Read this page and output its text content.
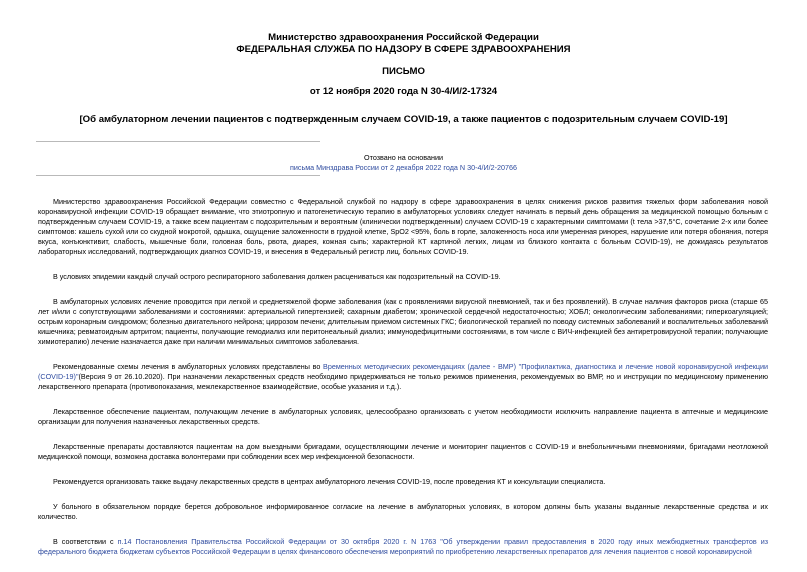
Министерство здравоохранения Российской Федерации
ФЕДЕРАЛЬНАЯ СЛУЖБА ПО НАДЗОРУ В СФЕРЕ ЗДРАВООХРАНЕНИЯ
ПИСЬМО
от 12 ноября 2020 года N 30-4/И/2-17324
[Об амбулаторном лечении пациентов с подтвержденным случаем COVID-19, а также пациентов с подозрительным случаем COVID-19]
Отозвано на основании
письма Минздрава России от 2 декабря 2022 года N 30-4/И/2-20766

Министерство здравоохранения Российской Федерации совместно с Федеральной службой по надзору в сфере здравоохранения в целях снижения рисков развития тяжелых форм заболевания новой коронавирусной инфекции COVID-19 обращает внимание, что этиотропную и патогенетическую терапию в амбулаторных условиях следует начинать в первый день обращения за медицинской помощью больным с подтвержденным случаем COVID-19, а также всем пациентам с подозрительным и вероятным (клинически подтвержденным) случаем COVID-19 с характерными симптомами (t тела >37,5°С, сочетание 2-х или более симптомов: кашель сухой или со скудной мокротой, одышка, ощущение заложенности в грудной клетке, SpO2 <95%, боль в горле, заложенность носа или умеренная ринорея, нарушение или потеря обоняния, потеря вкуса, конъюнктивит, слабость, мышечные боли, головная боль, рвота, диарея, кожная сыпь; характерной КТ картиной легких, лицам из близкого контакта с больным COVID-19), не дожидаясь результатов лабораторных исследований, подтверждающих диагноз COVID-19, и внесения в Федеральный регистр лиц, больных COVID-19.

В условиях эпидемии каждый случай острого респираторного заболевания должен расцениваться как подозрительный на COVID-19.

В амбулаторных условиях лечение проводится при легкой и среднетяжелой форме заболевания (как с проявлениями вирусной пневмонией, так и без проявлений). В случае наличия факторов риска (старше 65 лет и/или с сопутствующими заболеваниями и состояниями: артериальной гипертензией; сахарным диабетом; хронической сердечной недостаточностью; ХОБЛ; онкологическим заболеваниями; гиперкоагуляцией; острым коронарным синдромом; болезнью двигательного нейрона; циррозом печени; длительным приемом системных ГКС; биологической терапией по поводу системных заболеваний и воспалительных заболеваний кишечника; ревматоидным артритом; пациенты, получающие гемодиализ или перитонеальный диализ; иммунодефицитными состояниями, в том числе с ВИЧ-инфекцией без антиретровирусной терапии; получающие химиотерапию) лечение назначается даже при наличии минимальных симптомов заболевания.

Рекомендованные схемы лечения в амбулаторных условиях представлены во Временных методических рекомендациях (далее - ВМР) "Профилактика, диагностика и лечение новой коронавирусной инфекции (COVID-19)"(Версия 9 от 26.10.2020). При назначении лекарственных средств необходимо придерживаться не только режимов применения, рекомендуемых во ВМР, но и инструкции по медицинскому применению лекарственного препарата (противопоказания, межлекарственное взаимодействие, особые указания и т.д.).

Лекарственное обеспечение пациентам, получающим лечение в амбулаторных условиях, целесообразно организовать с учетом необходимости исключить направление пациента в аптечные и медицинские организации для получения назначенных лекарственных средств.

Лекарственные препараты доставляются пациентам на дом выездными бригадами, осуществляющими лечение и мониторинг пациентов с COVID-19 и внебольничными пневмониями, бригадами неотложной медицинской помощи, возможна доставка волонтерами при соблюдении всех мер инфекционной безопасности.

Рекомендуется организовать также выдачу лекарственных средств в центрах амбулаторного лечения COVID-19, после проведения КТ и консультации специалиста.

У больного в обязательном порядке берется добровольное информированное согласие на лечение в амбулаторных условиях, в котором должны быть указаны выданные лекарственные средства и их количество.

В соответствии с п.14 Постановления Правительства Российской Федерации от 30 октября 2020 г. N 1763 "Об утверждении правил предоставления в 2020 году иных межбюджетных трансфертов из федерального бюджета бюджетам субъектов Российской Федерации в целях финансового обеспечения мероприятий по приобретению лекарственных препаратов для лечения пациентов с новой коронавирусной
